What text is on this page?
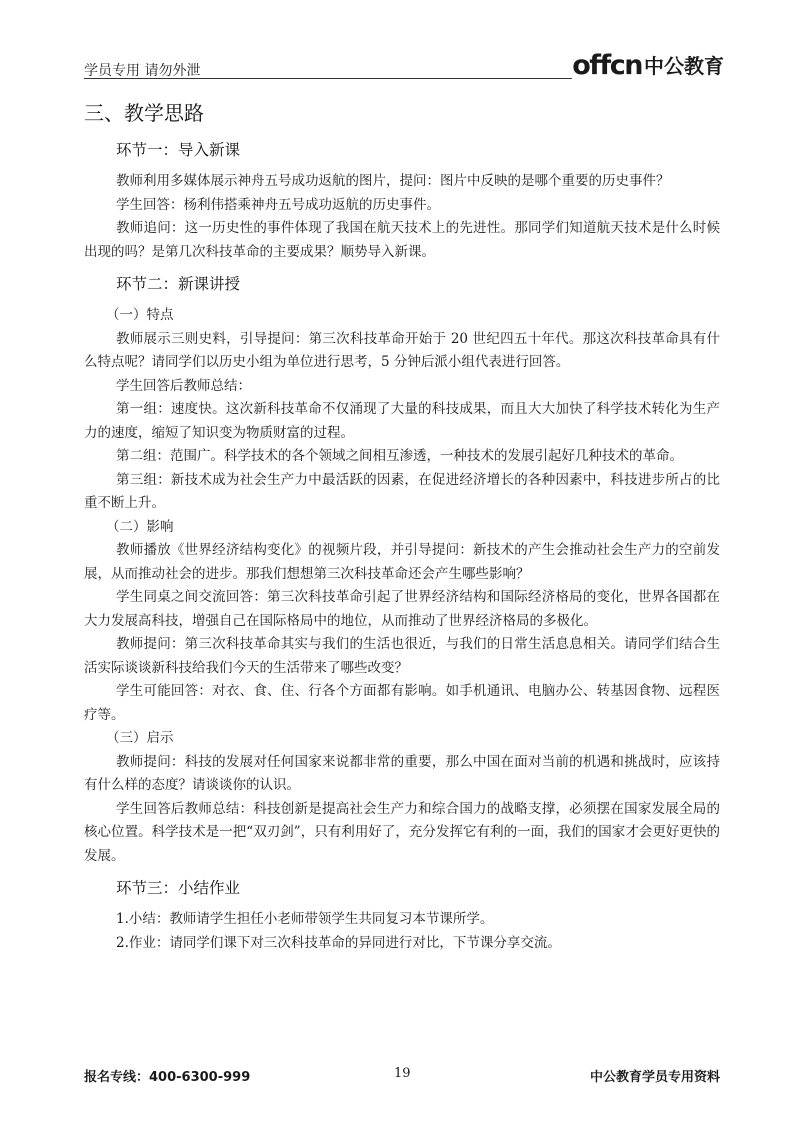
学员专用 请勿外泄	offcn 中公教育
三、教学思路
环节一：导入新课

教师利用多媒体展示神舟五号成功返航的图片，提问：图片中反映的是哪个重要的历史事件？

学生回答：杨利伟搭乘神舟五号成功返航的历史事件。

教师追问：这一历史性的事件体现了我国在航天技术上的先进性。那同学们知道航天技术是什么时候出现的吗？是第几次科技革命的主要成果？顺势导入新课。

环节二：新课讲授
（一）特点

教师展示三则史料，引导提问：第三次科技革命开始于 20 世纪四五十年代。那这次科技革命具有什么特点呢？请同学们以历史小组为单位进行思考，5 分钟后派小组代表进行回答。

学生回答后教师总结：

第一组：速度快。这次新科技革命不仅涌现了大量的科技成果，而且大大加快了科学技术转化为生产力的速度，缩短了知识变为物质财富的过程。

第二组：范围广。科学技术的各个领域之间相互渗透，一种技术的发展引起好几种技术的革命。

第三组：新技术成为社会生产力中最活跃的因素，在促进经济增长的各种因素中，科技进步所占的比重不断上升。

（二）影响

教师播放《世界经济结构变化》的视频片段，并引导提问：新技术的产生会推动社会生产力的空前发展，从而推动社会的进步。那我们想想第三次科技革命还会产生哪些影响？

学生同桌之间交流回答：第三次科技革命引起了世界经济结构和国际经济格局的变化，世界各国都在大力发展高科技，增强自己在国际格局中的地位，从而推动了世界经济格局的多极化。

教师提问：第三次科技革命其实与我们的生活也很近，与我们的日常生活息息相关。请同学们结合生活实际谈谈新科技给我们今天的生活带来了哪些改变？

学生可能回答：对衣、食、住、行各个方面都有影响。如手机通讯、电脑办公、转基因食物、远程医疗等。

（三）启示

教师提问：科技的发展对任何国家来说都非常的重要，那么中国在面对当前的机遇和挑战时，应该持有什么样的态度？请谈谈你的认识。

学生回答后教师总结：科技创新是提高社会生产力和综合国力的战略支撑，必须摆在国家发展全局的核心位置。科学技术是一把“双刃剑”，只有利用好了，充分发挥它有利的一面，我们的国家才会更好更快的发展。

环节三：小结作业

1.小结：教师请学生担任小老师带领学生共同复习本节课所学。

2.作业：请同学们课下对三次科技革命的异同进行对比，下节课分享交流。

报名专线：400-6300-999	19	中公教育学员专用资料
